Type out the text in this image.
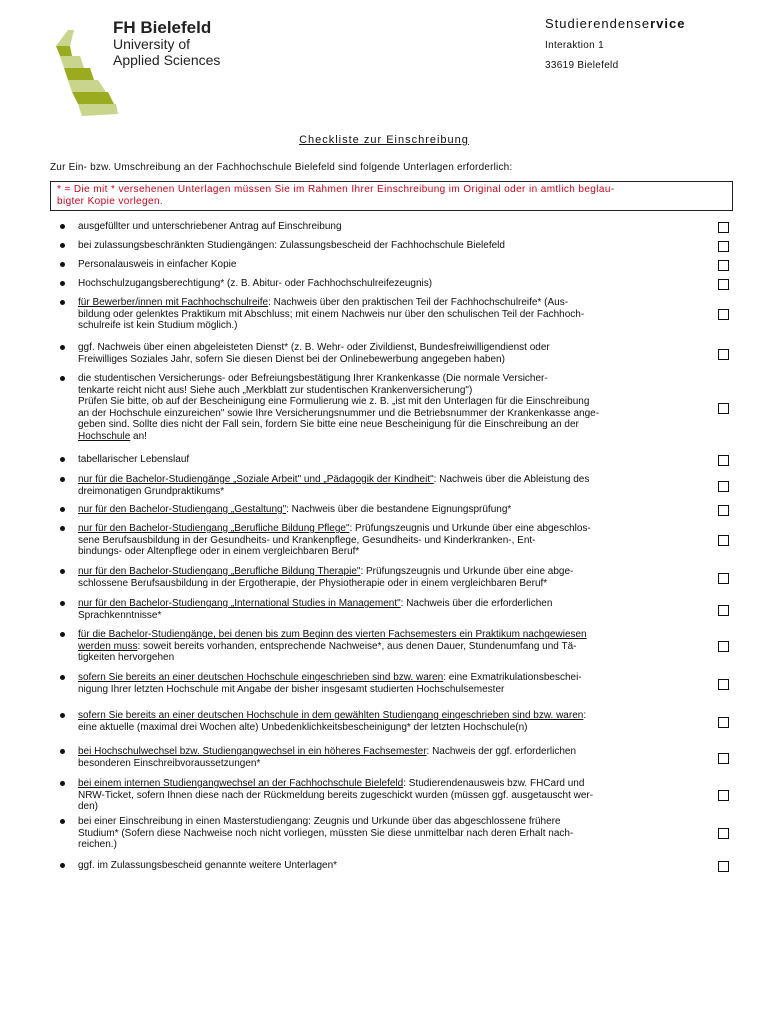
FH Bielefeld
University of
Applied Sciences
Studierendenservice
Interaktion 1
33619 Bielefeld
Checkliste zur Einschreibung
Zur Ein- bzw. Umschreibung an der Fachhochschule Bielefeld sind folgende Unterlagen erforderlich:
* = Die mit * versehenen Unterlagen müssen Sie im Rahmen Ihrer Einschreibung im Original oder in amtlich beglau-
bigter Kopie vorlegen.
ausgefüllter und unterschriebener Antrag auf Einschreibung
bei zulassungsbeschränkten Studiengängen: Zulassungsbescheid der Fachhochschule Bielefeld
Personalausweis in einfacher Kopie
Hochschulzugangsberechtigung* (z. B. Abitur- oder Fachhochschulreifezeugnis)
für Bewerber/innen mit Fachhochschulreife: Nachweis über den praktischen Teil der Fachhochschulreife* (Aus-
bildung oder gelenktes Praktikum mit Abschluss; mit einem Nachweis nur über den schulischen Teil der Fachhoch-
schulreife ist kein Studium möglich.)
ggf. Nachweis über einen abgeleisteten Dienst* (z. B. Wehr- oder Zivildienst, Bundesfreiwilligendienst oder
Freiwilliges Soziales Jahr, sofern Sie diesen Dienst bei der Onlinebewerbung angegeben haben)
die studentischen Versicherungs- oder Befreiungsbestätigung Ihrer Krankenkasse (Die normale Versicher-
tenkarte reicht nicht aus! Siehe auch „Merkblatt zur studentischen Krankenversicherung")
Prüfen Sie bitte, ob auf der Bescheinigung eine Formulierung wie z. B. „ist mit den Unterlagen für die Einschreibung
an der Hochschule einzureichen" sowie Ihre Versicherungsnummer und die Betriebsnummer der Krankenkasse ange-
geben sind. Sollte dies nicht der Fall sein, fordern Sie bitte eine neue Bescheinigung für die Einschreibung an der
Hochschule an!
tabellarischer Lebenslauf
nur für die Bachelor-Studiengänge „Soziale Arbeit" und „Pädagogik der Kindheit": Nachweis über die Ableistung des
dreimonatigen Grundpraktikums*
nur für den Bachelor-Studiengang „Gestaltung": Nachweis über die bestandene Eignungsprüfung*
nur für den Bachelor-Studiengang „Berufliche Bildung Pflege": Prüfungszeugnis und Urkunde über eine abgeschlos-
sene Berufsausbildung in der Gesundheits- und Krankenpflege, Gesundheits- und Kinderkranken-, Ent-
bindungs- oder Altenpflege oder in einem vergleichbaren Beruf*
nur für den Bachelor-Studiengang „Berufliche Bildung Therapie": Prüfungszeugnis und Urkunde über eine abge-
schlossene Berufsausbildung in der Ergotherapie, der Physiotherapie oder in einem vergleichbaren Beruf*
nur für den Bachelor-Studiengang „International Studies in Management": Nachweis über die erforderlichen
Sprachkenntnisse*
für die Bachelor-Studiengänge, bei denen bis zum Beginn des vierten Fachsemesters ein Praktikum nachgewiesen
werden muss: soweit bereits vorhanden, entsprechende Nachweise*, aus denen Dauer, Stundenumfang und Tä-
tigkeiten hervorgehen
sofern Sie bereits an einer deutschen Hochschule eingeschrieben sind bzw. waren: eine Exmatrikulationsbeschei-
nigung Ihrer letzten Hochschule mit Angabe der bisher insgesamt studierten Hochschulsemester
sofern Sie bereits an einer deutschen Hochschule in dem gewählten Studiengang eingeschrieben sind bzw. waren:
eine aktuelle (maximal drei Wochen alte) Unbedenklichkeitsbescheinigung* der letzten Hochschule(n)
bei Hochschulwechsel bzw. Studiengangwechsel in ein höheres Fachsemester: Nachweis der ggf. erforderlichen
besonderen Einschreibvoraussetzungen*
bei einem internen Studiengangwechsel an der Fachhochschule Bielefeld: Studierendenausweis bzw. FHCard und
NRW-Ticket, sofern Ihnen diese nach der Rückmeldung bereits zugeschickt wurden (müssen ggf. ausgetauscht wer-
den)
bei einer Einschreibung in einen Masterstudiengang: Zeugnis und Urkunde über das abgeschlossene frühere
Studium* (Sofern diese Nachweise noch nicht vorliegen, müssten Sie diese unmittelbar nach deren Erhalt nach-
reichen.)
ggf. im Zulassungsbescheid genannte weitere Unterlagen*
